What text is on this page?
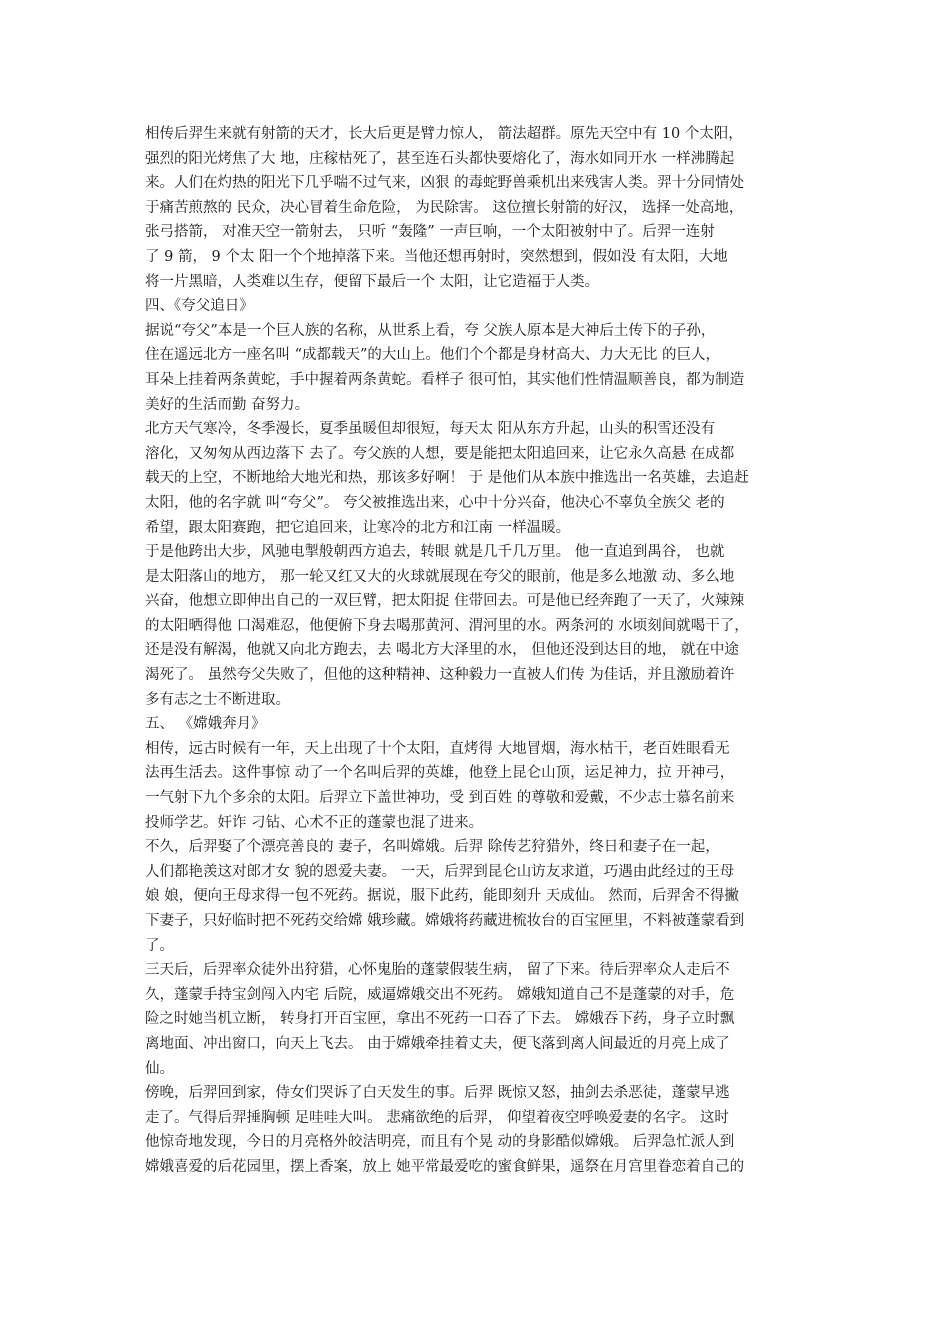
相传后羿生来就有射箭的天才，长大后更是臂力惊人， 箭法超群。原先天空中有 10 个太阳，
强烈的阳光烤焦了大 地，庄稼枯死了，甚至连石头都快要熔化了，海水如同开水 一样沸腾起
来。人们在灼热的阳光下几乎喘不过气来，凶狠 的毒蛇野兽乘机出来残害人类。羿十分同情处
于痛苦煎熬的 民众，决心冒着生命危险， 为民除害。 这位擅长射箭的好汉， 选择一处高地，
张弓搭箭， 对准天空一箭射去， 只听 “轰隆” 一声巨响，一个太阳被射中了。后羿一连射
了 9 箭， 9 个太 阳一个个地掉落下来。当他还想再射时，突然想到，假如没 有太阳，大地
将一片黑暗，人类难以生存，便留下最后一个 太阳，让它造福于人类。
四、《夸父追日》
据说“夸父”本是一个巨人族的名称，从世系上看，夸 父族人原本是大神后土传下的子孙，
住在遥远北方一座名叫 “成都载天”的大山上。他们个个都是身材高大、力大无比 的巨人，
耳朵上挂着两条黄蛇，手中握着两条黄蛇。看样子 很可怕，其实他们性情温顺善良，都为制造
美好的生活而勤 奋努力。
北方天气寒冷，冬季漫长，夏季虽暖但却很短，每天太 阳从东方升起，山头的积雪还没有
溶化，又匆匆从西边落下 去了。夸父族的人想，要是能把太阳追回来，让它永久高悬 在成都
载天的上空，不断地给大地光和热，那该多好啊！ 于 是他们从本族中推选出一名英雄，去追赶
太阳，他的名字就 叫“夸父”。 夸父被推选出来，心中十分兴奋，他决心不辜负全族父 老的
希望，跟太阳赛跑，把它追回来，让寒冷的北方和江南 一样温暖。
于是他跨出大步，风驰电掣般朝西方追去，转眼 就是几千几万里。 他一直追到禺谷， 也就
是太阳落山的地方， 那一轮又红又大的火球就展现在夸父的眼前，他是多么地激 动、多么地
兴奋，他想立即伸出自己的一双巨臂，把太阳捉 住带回去。可是他已经奔跑了一天了，火辣辣
的太阳晒得他 口渴难忍，他便俯下身去喝那黄河、渭河里的水。两条河的 水顷刻间就喝干了，
还是没有解渴，他就又向北方跑去，去 喝北方大泽里的水， 但他还没到达目的地， 就在中途
渴死了。 虽然夸父失败了，但他的这种精神、这种毅力一直被人们传 为佳话，并且激励着许
多有志之士不断进取。
五、 《嫦娥奔月》
相传，远古时候有一年，天上出现了十个太阳，直烤得 大地冒烟，海水枯干，老百姓眼看无
法再生活去。这件事惊 动了一个名叫后羿的英雄，他登上昆仑山顶，运足神力，拉 开神弓，
一气射下九个多余的太阳。后羿立下盖世神功，受 到百姓 的尊敬和爱戴，不少志士慕名前来
投师学艺。奸诈 刁钻、心术不正的蓬蒙也混了进来。
不久，后羿娶了个漂亮善良的 妻子，名叫嫦娥。后羿 除传艺狩猎外，终日和妻子在一起，
人们都艳羡这对郎才女 貌的恩爱夫妻。 一天，后羿到昆仑山访友求道，巧遇由此经过的王母
娘 娘，便向王母求得一包不死药。据说，服下此药，能即刻升 天成仙。 然而，后羿舍不得撇
下妻子，只好临时把不死药交给嫦 娥珍藏。嫦娥将药藏进梳妆台的百宝匣里，不料被蓬蒙看到
了。
三天后，后羿率众徒外出狩猎，心怀鬼胎的蓬蒙假装生病， 留了下来。待后羿率众人走后不
久，蓬蒙手持宝剑闯入内宅 后院，威逼嫦娥交出不死药。 嫦娥知道自己不是蓬蒙的对手，危
险之时她当机立断， 转身打开百宝匣，拿出不死药一口吞了下去。 嫦娥吞下药，身子立时飘
离地面、冲出窗口，向天上飞去。 由于嫦娥牵挂着丈夫，便飞落到离人间最近的月亮上成了
仙。
傍晚，后羿回到家，侍女们哭诉了白天发生的事。后羿 既惊又怒，抽剑去杀恶徒，蓬蒙早逃
走了。气得后羿捶胸顿 足哇哇大叫。 悲痛欲绝的后羿， 仰望着夜空呼唤爱妻的名字。 这时
他惊奇地发现，今日的月亮格外皎洁明亮，而且有个晃 动的身影酷似嫦娥。 后羿急忙派人到
嫦娥喜爱的后花园里，摆上香案，放上 她平常最爱吃的蜜食鲜果，遥祭在月宫里眷恋着自己的
